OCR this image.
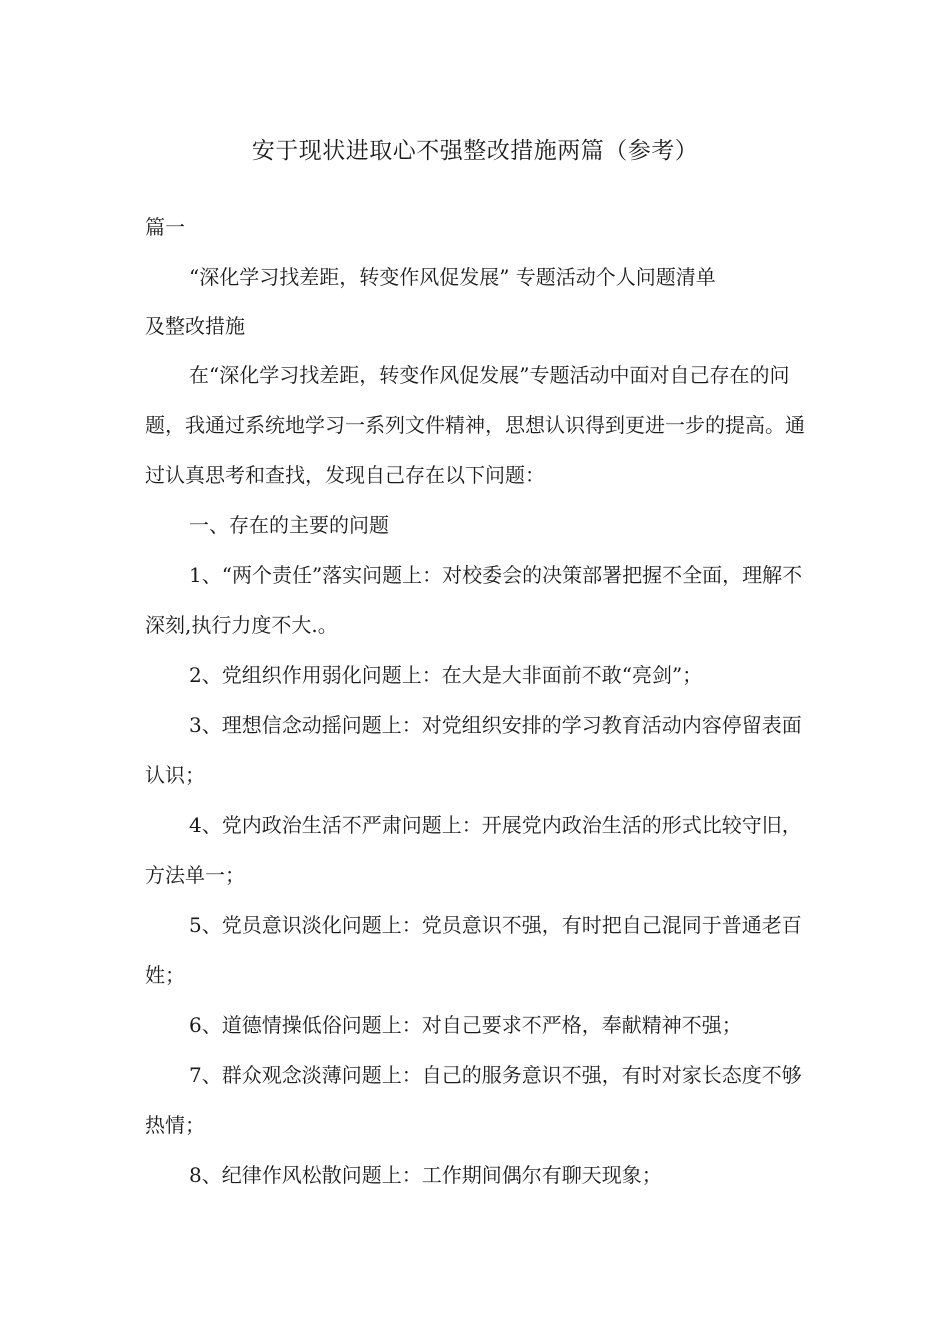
安于现状进取心不强整改措施两篇（参考）
篇一
“深化学习找差距，转变作风促发展” 专题活动个人问题清单
及整改措施

在“深化学习找差距，转变作风促发展”专题活动中面对自己存在的问题，我通过系统地学习一系列文件精神，思想认识得到更进一步的提高。通过认真思考和查找，发现自己存在以下问题：

一、存在的主要的问题

1、“两个责任”落实问题上：对校委会的决策部署把握不全面，理解不深刻,执行力度不大.。

2、党组织作用弱化问题上：在大是大非面前不敢“亮剑”；

3、理想信念动摇问题上：对党组织安排的学习教育活动内容停留表面认识；

4、党内政治生活不严肃问题上：开展党内政治生活的形式比较守旧，方法单一；

5、党员意识淡化问题上：党员意识不强，有时把自己混同于普通老百姓；

6、道德情操低俗问题上：对自己要求不严格，奉献精神不强；

7、群众观念淡薄问题上：自己的服务意识不强，有时对家长态度不够热情；

8、纪律作风松散问题上：工作期间偶尔有聊天现象；
